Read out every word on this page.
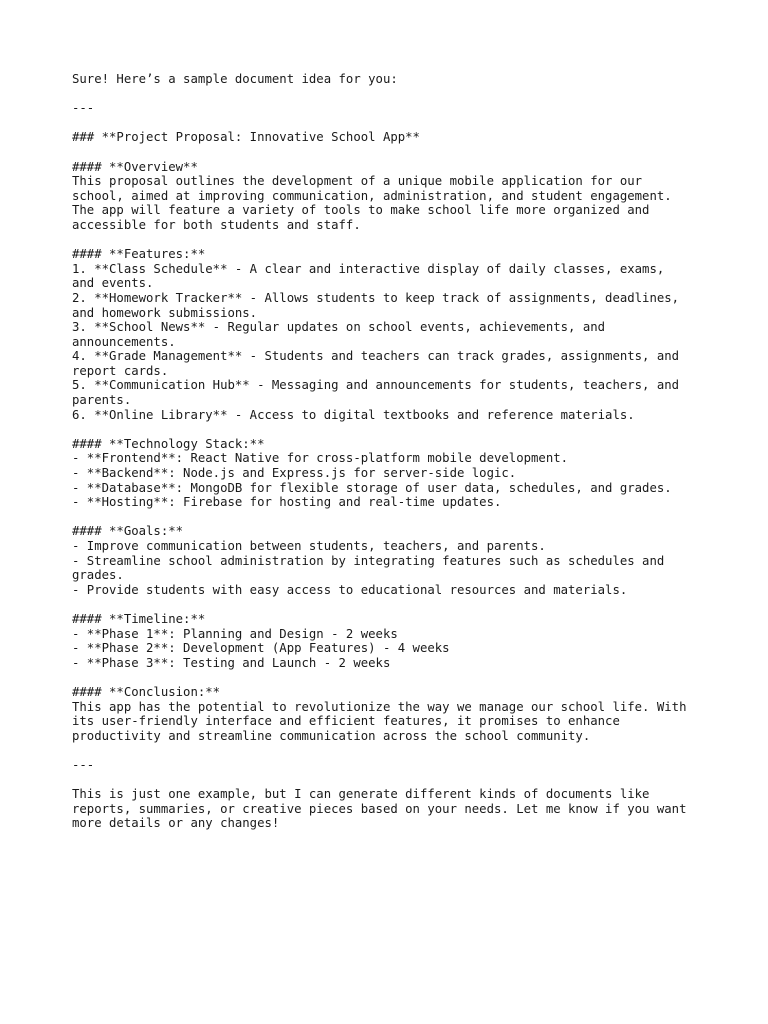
Sure! Here’s a sample document idea for you:
---
### **Project Proposal: Innovative School App**
#### **Overview**
This proposal outlines the development of a unique mobile application for our
school, aimed at improving communication, administration, and student engagement.
The app will feature a variety of tools to make school life more organized and
accessible for both students and staff.
#### **Features:**
1. **Class Schedule** - A clear and interactive display of daily classes, exams,
and events.
2. **Homework Tracker** - Allows students to keep track of assignments, deadlines,
and homework submissions.
3. **School News** - Regular updates on school events, achievements, and
announcements.
4. **Grade Management** - Students and teachers can track grades, assignments, and
report cards.
5. **Communication Hub** - Messaging and announcements for students, teachers, and
parents.
6. **Online Library** - Access to digital textbooks and reference materials.
#### **Technology Stack:**
- **Frontend**: React Native for cross-platform mobile development.
- **Backend**: Node.js and Express.js for server-side logic.
- **Database**: MongoDB for flexible storage of user data, schedules, and grades.
- **Hosting**: Firebase for hosting and real-time updates.
#### **Goals:**
- Improve communication between students, teachers, and parents.
- Streamline school administration by integrating features such as schedules and
grades.
- Provide students with easy access to educational resources and materials.
#### **Timeline:**
- **Phase 1**: Planning and Design - 2 weeks
- **Phase 2**: Development (App Features) - 4 weeks
- **Phase 3**: Testing and Launch - 2 weeks
#### **Conclusion:**
This app has the potential to revolutionize the way we manage our school life. With
its user-friendly interface and efficient features, it promises to enhance
productivity and streamline communication across the school community.
---
This is just one example, but I can generate different kinds of documents like
reports, summaries, or creative pieces based on your needs. Let me know if you want
more details or any changes!
